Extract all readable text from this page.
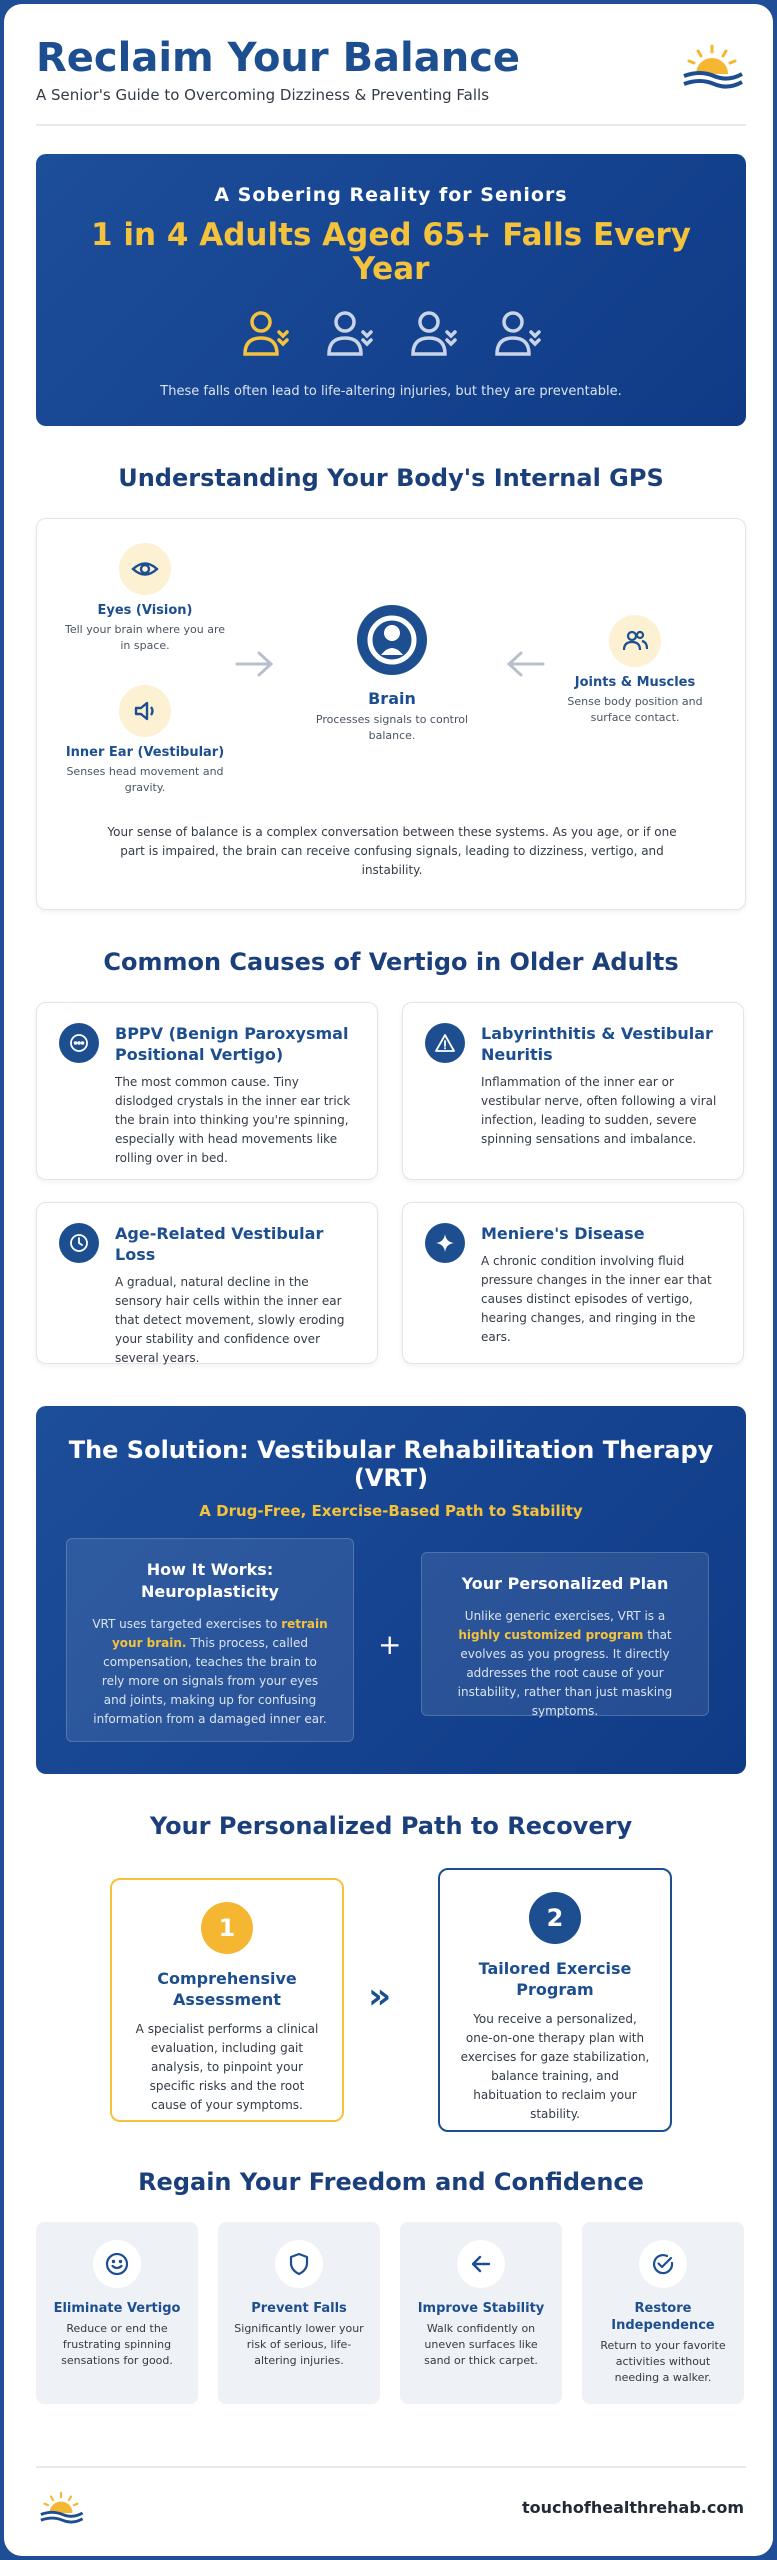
Reclaim Your Balance
A Senior's Guide to Overcoming Dizziness & Preventing Falls
A Sobering Reality for Seniors
1 in 4 Adults Aged 65+ Falls Every Year
These falls often lead to life-altering injuries, but they are preventable.
Understanding Your Body's Internal GPS
Eyes (Vision)
Tell your brain where you are in space.
Inner Ear (Vestibular)
Senses head movement and gravity.
Brain
Processes signals to control balance.
Joints & Muscles
Sense body position and surface contact.
Your sense of balance is a complex conversation between these systems. As you age, or if one part is impaired, the brain can receive confusing signals, leading to dizziness, vertigo, and instability.
Common Causes of Vertigo in Older Adults
BPPV (Benign Paroxysmal Positional Vertigo)

The most common cause. Tiny dislodged crystals in the inner ear trick the brain into thinking you're spinning, especially with head movements like rolling over in bed.

Labyrinthitis & Vestibular Neuritis

Inflammation of the inner ear or vestibular nerve, often following a viral infection, leading to sudden, severe spinning sensations and imbalance.

Age-Related Vestibular Loss

A gradual, natural decline in the sensory hair cells within the inner ear that detect movement, slowly eroding your stability and confidence over several years.

Meniere's Disease

A chronic condition involving fluid pressure changes in the inner ear that causes distinct episodes of vertigo, hearing changes, and ringing in the ears.

The Solution: Vestibular Rehabilitation Therapy (VRT)
A Drug-Free, Exercise-Based Path to Stability
How It Works: Neuroplasticity

VRT uses targeted exercises to retrain your brain. This process, called compensation, teaches the brain to rely more on signals from your eyes and joints, making up for confusing information from a damaged inner ear.

+
Your Personalized Plan

Unlike generic exercises, VRT is a highly customized program that evolves as you progress. It directly addresses the root cause of your instability, rather than just masking symptoms.

Your Personalized Path to Recovery
1
Comprehensive Assessment

A specialist performs a clinical evaluation, including gait analysis, to pinpoint your specific risks and the root cause of your symptoms.

»
2
Tailored Exercise Program

You receive a personalized, one-on-one therapy plan with exercises for gaze stabilization, balance training, and habituation to reclaim your stability.

Regain Your Freedom and Confidence
Eliminate Vertigo

Reduce or end the frustrating spinning sensations for good.

Prevent Falls

Significantly lower your risk of serious, life-altering injuries.

Improve Stability

Walk confidently on uneven surfaces like sand or thick carpet.

Restore Independence

Return to your favorite activities without needing a walker.

touchofhealthrehab.com
